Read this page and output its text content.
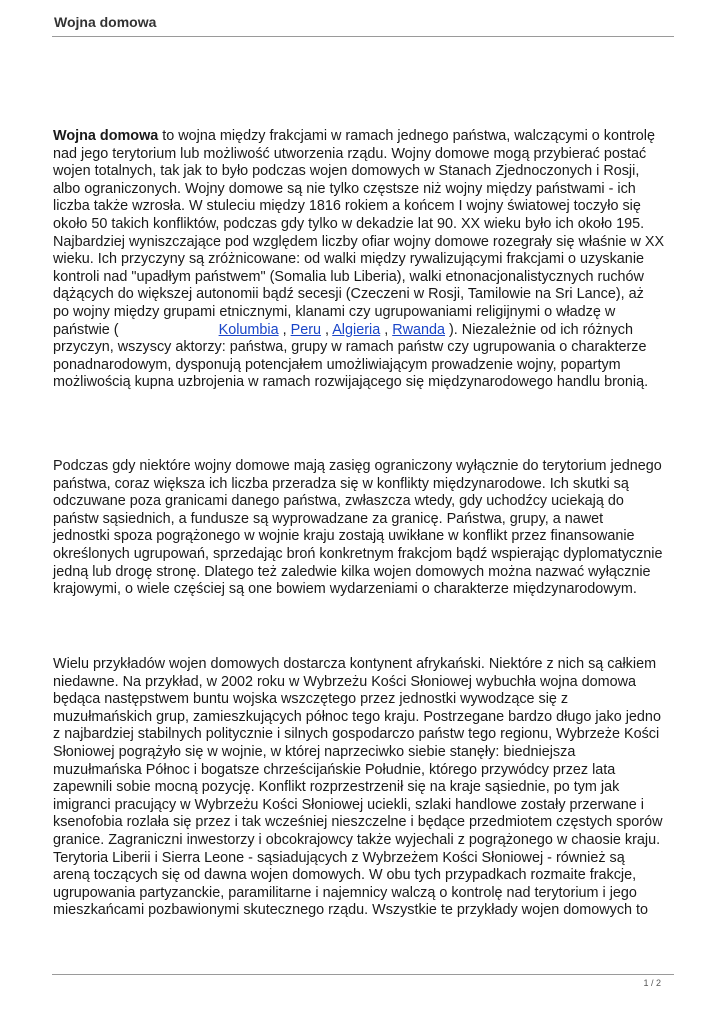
Wojna domowa

Wojna domowa to wojna między frakcjami w ramach jednego państwa, walczącymi o kontrolę
nad jego terytorium lub możliwość utworzenia rządu. Wojny domowe mogą przybierać postać
wojen totalnych, tak jak to było podczas wojen domowych w Stanach Zjednoczonych i Rosji,
albo ograniczonych. Wojny domowe są nie tylko częstsze niż wojny między państwami - ich
liczba także wzrosła. W stuleciu między 1816 rokiem a końcem I wojny światowej toczyło się
około 50 takich konfliktów, podczas gdy tylko w dekadzie lat 90. XX wieku było ich około 195.
Najbardziej wyniszczające pod względem liczby ofiar wojny domowe rozegrały się właśnie w XX
wieku. Ich przyczyny są zróżnicowane: od walki między rywalizującymi frakcjami o uzyskanie
kontroli nad "upadłym państwem" (Somalia lub Liberia), walki etnonacjonalistycznych ruchów
dążących do większej autonomii bądź secesji (Czeczeni w Rosji, Tamilowie na Sri Lance), aż
po wojny między grupami etnicznymi, klanami czy ugrupowaniami religijnymi o władzę w
państwie (	Kolumbia , Peru , Algieria , Rwanda ). Niezależnie od ich różnych
przyczyn, wszyscy aktorzy: państwa, grupy w ramach państw czy ugrupowania o charakterze
ponadnarodowym, dysponują potencjałem umożliwiającym prowadzenie wojny, popartym
możliwością kupna uzbrojenia w ramach rozwijającego się międzynarodowego handlu bronią.

Podczas gdy niektóre wojny domowe mają zasięg ograniczony wyłącznie do terytorium jednego
państwa, coraz większa ich liczba przeradza się w konflikty międzynarodowe. Ich skutki są
odczuwane poza granicami danego państwa, zwłaszcza wtedy, gdy uchodźcy uciekają do
państw sąsiednich, a fundusze są wyprowadzane za granicę. Państwa, grupy, a nawet
jednostki spoza pogrążonego w wojnie kraju zostają uwikłane w konflikt przez finansowanie
określonych ugrupowań, sprzedając broń konkretnym frakcjom bądź wspierając dyplomatycznie
jedną lub drogę stronę. Dlatego też zaledwie kilka wojen domowych można nazwać wyłącznie
krajowymi, o wiele częściej są one bowiem wydarzeniami o charakterze międzynarodowym.

Wielu przykładów wojen domowych dostarcza kontynent afrykański. Niektóre z nich są całkiem
niedawne. Na przykład, w 2002 roku w Wybrzeżu Kości Słoniowej wybuchła wojna domowa
będąca następstwem buntu wojska wszczętego przez jednostki wywodzące się z
muzułmańskich grup, zamieszkujących północ tego kraju. Postrzegane bardzo długo jako jedno
z najbardziej stabilnych politycznie i silnych gospodarczo państw tego regionu, Wybrzeże Kości
Słoniowej pogrążyło się w wojnie, w której naprzeciwko siebie stanęły: biedniejsza
muzułmańska Północ i bogatsze chrześcijańskie Południe, którego przywódcy przez lata
zapewnili sobie mocną pozycję. Konflikt rozprzestrzenił się na kraje sąsiednie, po tym jak
imigranci pracujący w Wybrzeżu Kości Słoniowej uciekli, szlaki handlowe zostały przerwane i
ksenofobia rozlała się przez i tak wcześniej nieszczelne i będące przedmiotem częstych sporów
granice. Zagraniczni inwestorzy i obcokrajowcy także wyjechali z pogrążonego w chaosie kraju.
Terytoria Liberii i Sierra Leone - sąsiadujących z Wybrzeżem Kości Słoniowej - również są
areną toczących się od dawna wojen domowych. W obu tych przypadkach rozmaite frakcje,
ugrupowania partyzanckie, paramilitarne i najemnicy walczą o kontrolę nad terytorium i jego
mieszkańcami pozbawionymi skutecznego rządu. Wszystkie te przykłady wojen domowych to

1 / 2
